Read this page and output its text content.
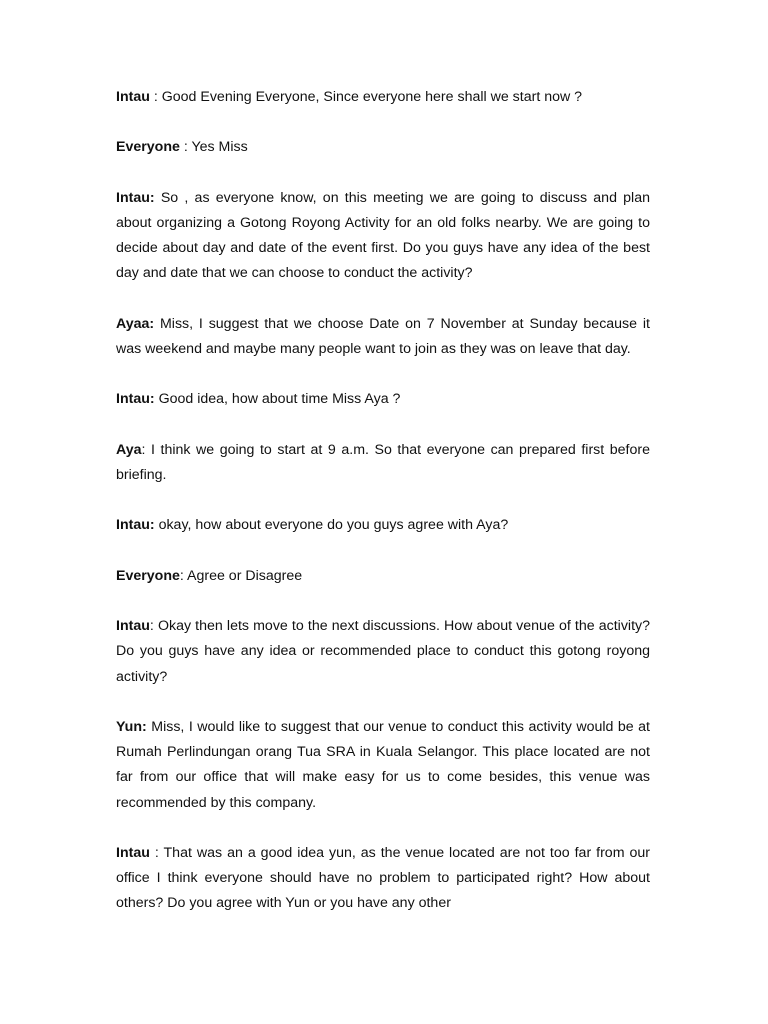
Intau : Good Evening Everyone, Since everyone here shall we start now ?

Everyone : Yes Miss

Intau: So , as everyone know, on this meeting we are going to discuss and plan about organizing a Gotong Royong Activity for an old folks nearby. We are going to decide about day and date of the event first. Do you guys have any idea of the best day and date that we can choose to conduct the activity?

Ayaa: Miss, I suggest that we choose Date on 7 November at Sunday because it was weekend and maybe many people want to join as they was on leave that day.

Intau: Good idea, how about time Miss Aya ?

Aya: I think we going to start at 9 a.m. So that everyone can prepared first before briefing.

Intau: okay, how about everyone do you guys agree with Aya?

Everyone: Agree or Disagree

Intau: Okay then lets move to the next discussions. How about venue of the activity? Do you guys have any idea or recommended place to conduct this gotong royong activity?

Yun: Miss, I would like to suggest that our venue to conduct this activity would be at Rumah Perlindungan orang Tua SRA in Kuala Selangor. This place located are not far from our office that will make easy for us to come besides, this venue was recommended by this company.

Intau : That was an a good idea yun, as the venue located are not too far from our office I think everyone should have no problem to participated right? How about others? Do you agree with Yun or you have any other
